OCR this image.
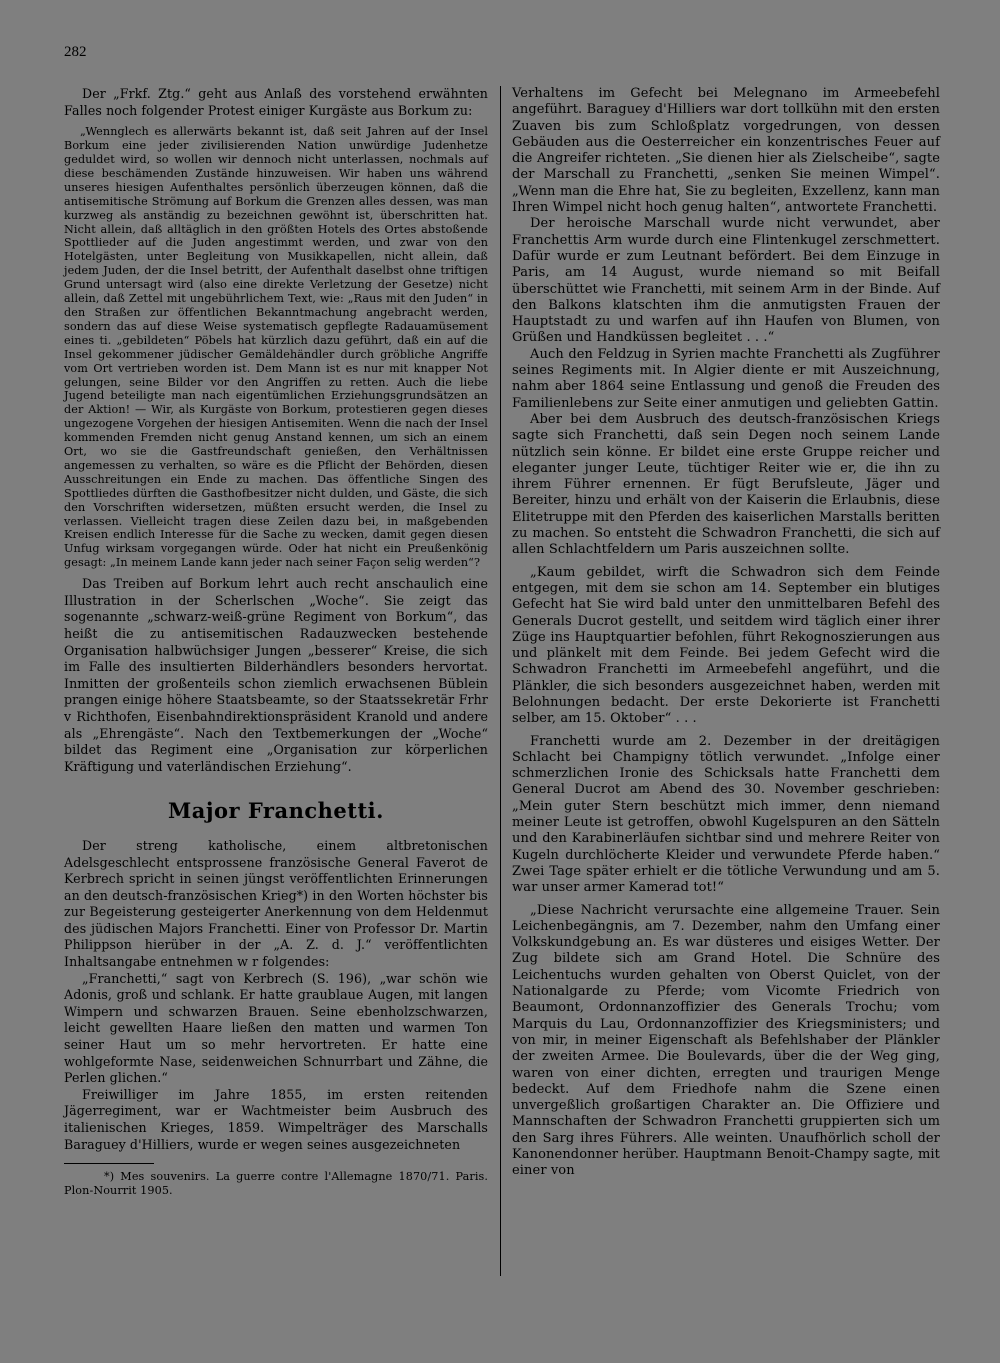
282

Der „Frkf. Ztg.“ geht aus Anlaß des vorstehend erwähnten Falles noch folgender Protest einiger Kurgäste aus Borkum zu:

„Wennglech es allerwärts bekannt ist, daß seit Jahren auf der Insel Borkum eine jeder zivilisierenden Nation unwürdige Judenhetze geduldet wird, so wollen wir dennoch nicht unterlassen, nochmals auf diese beschämenden Zustände hinzuweisen. Wir haben uns während unseres hiesigen Aufenthaltes persönlich überzeugen können, daß die antisemitische Strömung auf Borkum die Grenzen alles dessen, was man kurzweg als anständig zu bezeichnen gewöhnt ist, überschritten hat. Nicht allein, daß alltäglich in den größten Hotels des Ortes abstoßende Spottlieder auf die Juden angestimmt werden, und zwar von den Hotelgästen, unter Begleitung von Musikkapellen, nicht allein, daß jedem Juden, der die Insel betritt, der Aufenthalt daselbst ohne triftigen Grund untersagt wird (also eine direkte Verletzung der Gesetze) nicht allein, daß Zettel mit ungebührlichem Text, wie: „Raus mit den Juden“ in den Straßen zur öffentlichen Bekanntmachung angebracht werden, sondern das auf diese Weise systematisch gepflegte Radauamüsement eines ti. „gebildeten“ Pöbels hat kürzlich dazu geführt, daß ein auf die Insel gekommener jüdischer Gemäldehändler durch gröbliche Angriffe vom Ort vertrieben worden ist. Dem Mann ist es nur mit knapper Not gelungen, seine Bilder vor den Angriffen zu retten. Auch die liebe Jugend beteiligte man nach eigentümlichen Erziehungsgrundsätzen an der Aktion! — Wir, als Kurgäste von Borkum, protestieren gegen dieses ungezogene Vorgehen der hiesigen Antisemiten. Wenn die nach der Insel kommenden Fremden nicht genug Anstand kennen, um sich an einem Ort, wo sie die Gastfreundschaft genießen, den Verhältnissen angemessen zu verhalten, so wäre es die Pflicht der Behörden, diesen Ausschreitungen ein Ende zu machen. Das öffentliche Singen des Spottliedes dürften die Gasthofbesitzer nicht dulden, und Gäste, die sich den Vorschriften widersetzen, müßten ersucht werden, die Insel zu verlassen. Vielleicht tragen diese Zeilen dazu bei, in maßgebenden Kreisen endlich Interesse für die Sache zu wecken, damit gegen diesen Unfug wirksam vorgegangen würde. Oder hat nicht ein Preußenkönig gesagt: „In meinem Lande kann jeder nach seiner Façon selig werden“?

Das Treiben auf Borkum lehrt auch recht anschaulich eine Illustration in der Scherlschen „Woche“. Sie zeigt das sogenannte „schwarz-weiß-grüne Regiment von Borkum“, das heißt die zu antisemitischen Radauzwecken bestehende Organisation halbwüchsiger Jungen „besserer“ Kreise, die sich im Falle des insultierten Bilderhändlers besonders hervortat. Inmitten der großenteils schon ziemlich erwachsenen Büblein prangen einige höhere Staatsbeamte, so der Staatssekretär Frhr v Richthofen, Eisenbahndirektionspräsident Kranold und andere als „Ehrengäste“. Nach den Textbemerkungen der „Woche“ bildet das Regiment eine „Organisation zur körperlichen Kräftigung und vaterländischen Erziehung“.

Major Franchetti.

Der streng katholische, einem altbretonischen Adelsgeschlecht entsprossene französische General Faverot de Kerbrech spricht in seinen jüngst veröffentlichten Erinnerungen an den deutsch-französischen Krieg*) in den Worten höchster bis zur Begeisterung gesteigerter Anerkennung von dem Heldenmut des jüdischen Majors Franchetti. Einer von Professor Dr. Martin Philippson hierüber in der „A. Z. d. J.“ veröffentlichten Inhaltsangabe entnehmen w r folgendes:

„Franchetti,“ sagt von Kerbrech (S. 196), „war schön wie Adonis, groß und schlank. Er hatte graublaue Augen, mit langen Wimpern und schwarzen Brauen. Seine ebenholzschwarzen, leicht gewellten Haare ließen den matten und warmen Ton seiner Haut um so mehr hervortreten. Er hatte eine wohlgeformte Nase, seidenweichen Schnurrbart und Zähne, die Perlen glichen.“

Freiwilliger im Jahre 1855, im ersten reitenden Jägerregiment, war er Wachtmeister beim Ausbruch des italienischen Krieges, 1859. Wimpelträger des Marschalls Baraguey d'Hilliers, wurde er wegen seines ausgezeichneten

*) Mes souvenirs. La guerre contre l'Allemagne 1870/71. Paris. Plon-Nourrit 1905.

Verhaltens im Gefecht bei Melegnano im Armeebefehl angeführt. Baraguey d'Hilliers war dort tollkühn mit den ersten Zuaven bis zum Schloßplatz vorgedrungen, von dessen Gebäuden aus die Oesterreicher ein konzentrisches Feuer auf die Angreifer richteten. „Sie dienen hier als Zielscheibe“, sagte der Marschall zu Franchetti, „senken Sie meinen Wimpel“. „Wenn man die Ehre hat, Sie zu begleiten, Exzellenz, kann man Ihren Wimpel nicht hoch genug halten“, antwortete Franchetti.

Der heroische Marschall wurde nicht verwundet, aber Franchettis Arm wurde durch eine Flintenkugel zerschmettert. Dafür wurde er zum Leutnant befördert. Bei dem Einzuge in Paris, am 14 August, wurde niemand so mit Beifall überschüttet wie Franchetti, mit seinem Arm in der Binde. Auf den Balkons klatschten ihm die anmutigsten Frauen der Hauptstadt zu und warfen auf ihn Haufen von Blumen, von Grüßen und Handküssen begleitet . . .“

Auch den Feldzug in Syrien machte Franchetti als Zugführer seines Regiments mit. In Algier diente er mit Auszeichnung, nahm aber 1864 seine Entlassung und genoß die Freuden des Familienlebens zur Seite einer anmutigen und geliebten Gattin.

Aber bei dem Ausbruch des deutsch-französischen Kriegs sagte sich Franchetti, daß sein Degen noch seinem Lande nützlich sein könne. Er bildet eine erste Gruppe reicher und eleganter junger Leute, tüchtiger Reiter wie er, die ihn zu ihrem Führer ernennen. Er fügt Berufsleute, Jäger und Bereiter, hinzu und erhält von der Kaiserin die Erlaubnis, diese Elitetruppe mit den Pferden des kaiserlichen Marstalls beritten zu machen. So entsteht die Schwadron Franchetti, die sich auf allen Schlachtfeldern um Paris auszeichnen sollte.

„Kaum gebildet, wirft die Schwadron sich dem Feinde entgegen, mit dem sie schon am 14. September ein blutiges Gefecht hat Sie wird bald unter den unmittelbaren Befehl des Generals Ducrot gestellt, und seitdem wird täglich einer ihrer Züge ins Hauptquartier befohlen, führt Rekognoszierungen aus und plänkelt mit dem Feinde. Bei jedem Gefecht wird die Schwadron Franchetti im Armeebefehl angeführt, und die Plänkler, die sich besonders ausgezeichnet haben, werden mit Belohnungen bedacht. Der erste Dekorierte ist Franchetti selber, am 15. Oktober“ . . .

Franchetti wurde am 2. Dezember in der dreitägigen Schlacht bei Champigny tötlich verwundet. „Infolge einer schmerzlichen Ironie des Schicksals hatte Franchetti dem General Ducrot am Abend des 30. November geschrieben: „Mein guter Stern beschützt mich immer, denn niemand meiner Leute ist getroffen, obwohl Kugelspuren an den Sätteln und den Karabinerläufen sichtbar sind und mehrere Reiter von Kugeln durchlöcherte Kleider und verwundete Pferde haben.“ Zwei Tage später erhielt er die tötliche Verwundung und am 5. war unser armer Kamerad tot!“

„Diese Nachricht verursachte eine allgemeine Trauer. Sein Leichenbegängnis, am 7. Dezember, nahm den Umfang einer Volkskundgebung an. Es war düsteres und eisiges Wetter. Der Zug bildete sich am Grand Hotel. Die Schnüre des Leichentuchs wurden gehalten von Oberst Quiclet, von der Nationalgarde zu Pferde; vom Vicomte Friedrich von Beaumont, Ordonnanzoffizier des Generals Trochu; vom Marquis du Lau, Ordonnanzoffizier des Kriegsministers; und von mir, in meiner Eigenschaft als Befehlshaber der Plänkler der zweiten Armee. Die Boulevards, über die der Weg ging, waren von einer dichten, erregten und traurigen Menge bedeckt. Auf dem Friedhofe nahm die Szene einen unvergeßlich großartigen Charakter an. Die Offiziere und Mannschaften der Schwadron Franchetti gruppierten sich um den Sarg ihres Führers. Alle weinten. Unaufhörlich scholl der Kanonendonner herüber. Hauptmann Benoit-Champy sagte, mit einer von
